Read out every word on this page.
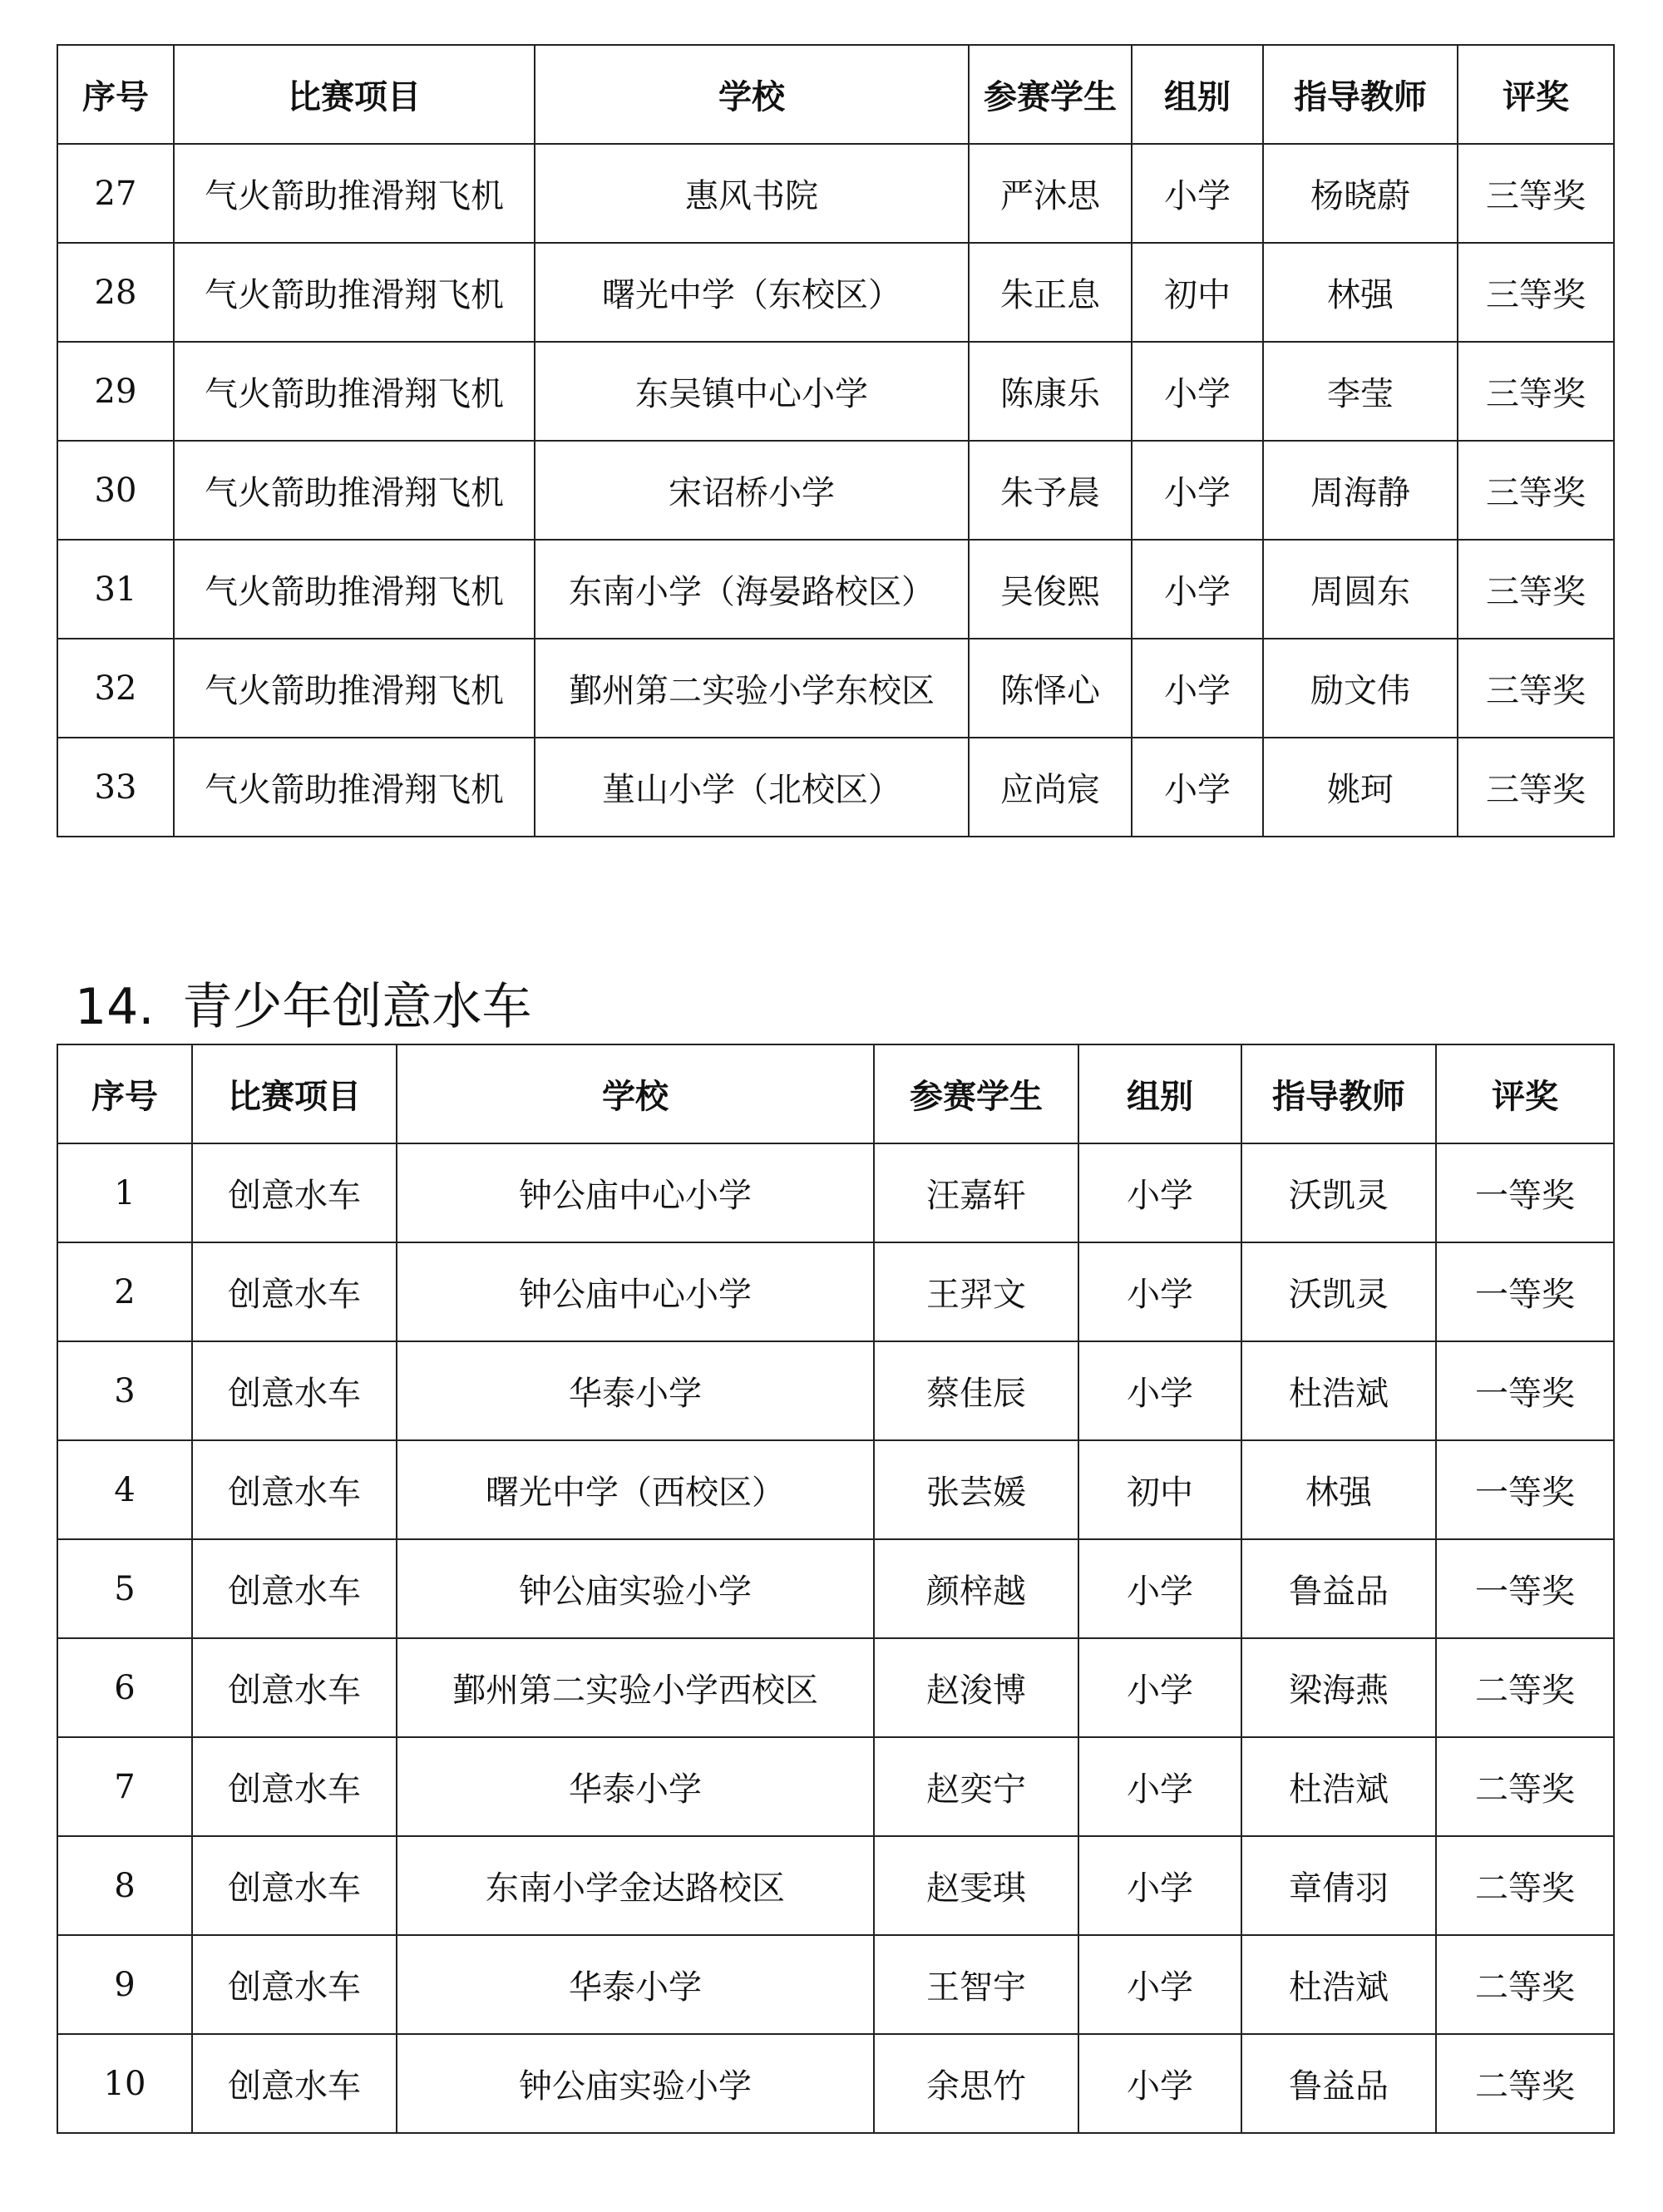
序号	比赛项目	学校	参赛学生	组别	指导教师	评奖
27	气火箭助推滑翔飞机	惠风书院	严沐思	小学	杨晓蔚	三等奖
28	气火箭助推滑翔飞机	曙光中学（东校区）	朱正息	初中	林强	三等奖
29	气火箭助推滑翔飞机	东吴镇中心小学	陈康乐	小学	李莹	三等奖
30	气火箭助推滑翔飞机	宋诏桥小学	朱予晨	小学	周海静	三等奖
31	气火箭助推滑翔飞机	东南小学（海晏路校区）	吴俊熙	小学	周圆东	三等奖
32	气火箭助推滑翔飞机	鄞州第二实验小学东校区	陈怿心	小学	励文伟	三等奖
33	气火箭助推滑翔飞机	堇山小学（北校区）	应尚宸	小学	姚珂	三等奖
14. 青少年创意水车
序号	比赛项目	学校	参赛学生	组别	指导教师	评奖
1	创意水车	钟公庙中心小学	汪嘉轩	小学	沃凯灵	一等奖
2	创意水车	钟公庙中心小学	王羿文	小学	沃凯灵	一等奖
3	创意水车	华泰小学	蔡佳辰	小学	杜浩斌	一等奖
4	创意水车	曙光中学（西校区）	张芸媛	初中	林强	一等奖
5	创意水车	钟公庙实验小学	颜梓越	小学	鲁益品	一等奖
6	创意水车	鄞州第二实验小学西校区	赵浚博	小学	梁海燕	二等奖
7	创意水车	华泰小学	赵奕宁	小学	杜浩斌	二等奖
8	创意水车	东南小学金达路校区	赵雯琪	小学	章倩羽	二等奖
9	创意水车	华泰小学	王智宇	小学	杜浩斌	二等奖
10	创意水车	钟公庙实验小学	余思竹	小学	鲁益品	二等奖
